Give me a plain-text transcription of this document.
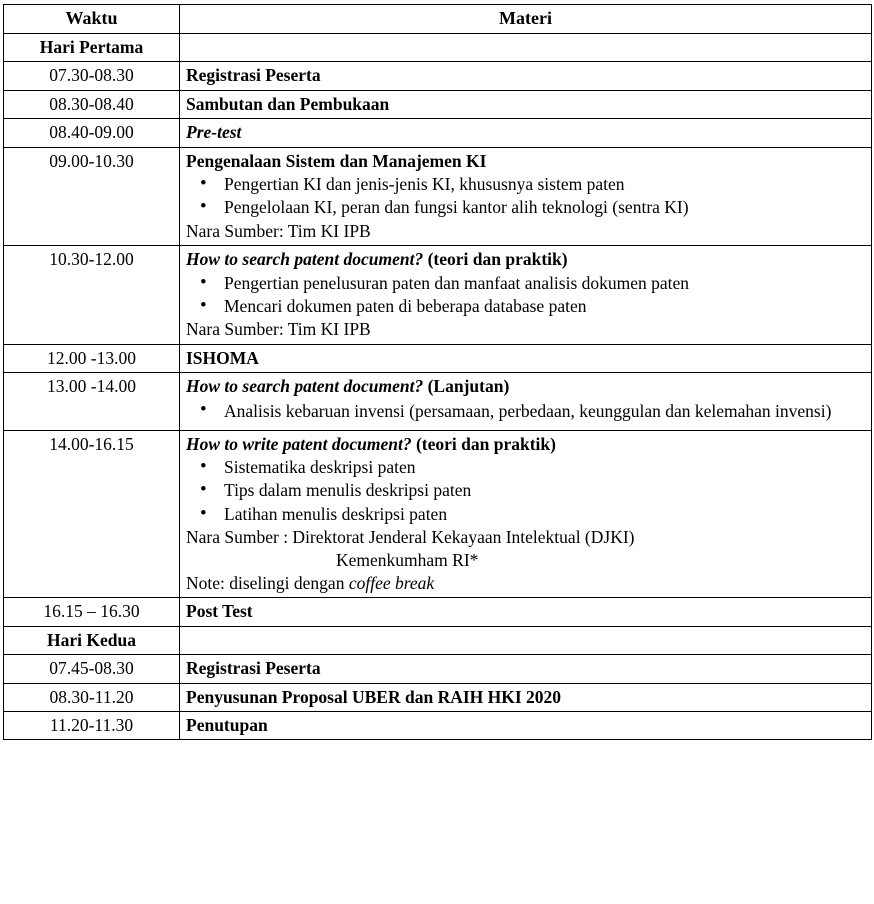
Waktu	Materi
Hari Pertama	
07.30-08.30	Registrasi Peserta

08.30-08.40	Sambutan dan Pembukaan

08.40-09.00	Pre-test

09.00-10.30	Pengenalaan Sistem dan Manajemen KI
• Pengertian KI dan jenis-jenis KI, khususnya sistem paten
• Pengelolaan KI, peran dan fungsi kantor alih teknologi (sentra KI)
Nara Sumber: Tim KI IPB

10.30-12.00	How to search patent document? (teori dan praktik)
• Pengertian penelusuran paten dan manfaat analisis dokumen paten
• Mencari dokumen paten di beberapa database paten
Nara Sumber: Tim KI IPB

12.00 -13.00	ISHOMA

13.00 -14.00	How to search patent document? (Lanjutan)
• Analisis kebaruan invensi (persamaan, perbedaan, keunggulan dan kelemahan invensi)

14.00-16.15	How to write patent document? (teori dan praktik)
• Sistematika deskripsi paten
• Tips dalam menulis deskripsi paten
• Latihan menulis deskripsi paten
Nara Sumber : Direktorat Jenderal Kekayaan Intelektual (DJKI)
Kemenkumham RI*
Note: diselingi dengan coffee break

16.15 – 16.30	Post Test

Hari Kedua	
07.45-08.30	Registrasi Peserta

08.30-11.20	Penyusunan Proposal UBER dan RAIH HKI 2020

11.20-11.30	Penutupan
